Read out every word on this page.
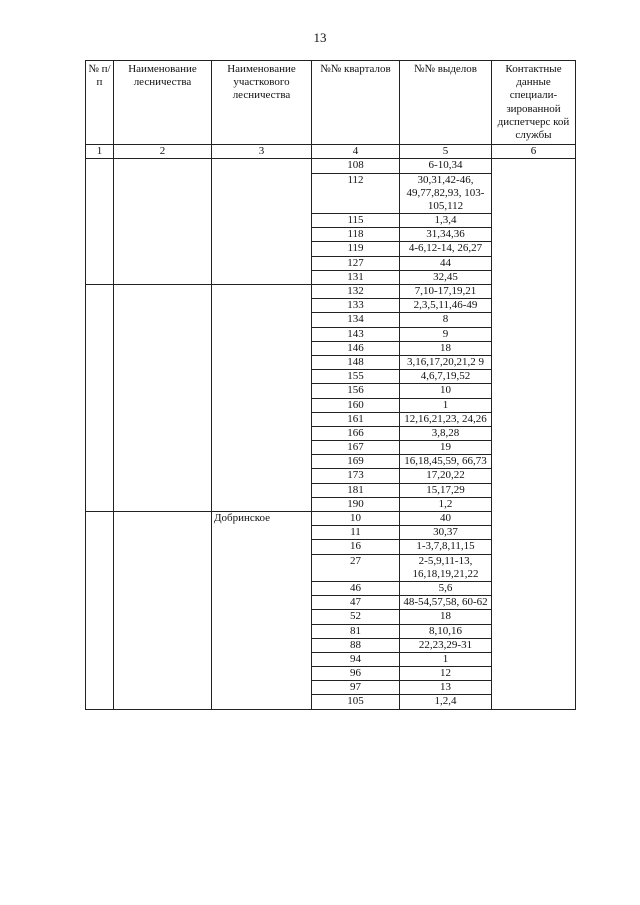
13
№ п/п	Наименование лесничества	Наименование участкового лесничества	№№ кварталов	№№ выделов	Контактные данные специали-зированной диспетчерс кой службы
1	2	3	4	5	6
			108	6-10,34	
			112	30,31,42-46, 49,77,82,93, 103-105,112	
			115	1,3,4	
			118	31,34,36	
			119	4-6,12-14, 26,27	
			127	44	
			131	32,45	
			132	7,10-17,19,21	
			133	2,3,5,11,46-49	
			134	8	
			143	9	
			146	18	
			148	3,16,17,20,21,2 9	
			155	4,6,7,19,52	
			156	10	
			160	1	
			161	12,16,21,23, 24,26	
			166	3,8,28	
			167	19	
			169	16,18,45,59, 66,73	
			173	17,20,22	
			181	15,17,29	
			190	1,2	
		Добринское	10	40	
			11	30,37	
			16	1-3,7,8,11,15	
			27	2-5,9,11-13, 16,18,19,21,22	
			46	5,6	
			47	48-54,57,58, 60-62	
			52	18	
			81	8,10,16	
			88	22,23,29-31	
			94	1	
			96	12	
			97	13	
			105	1,2,4	
